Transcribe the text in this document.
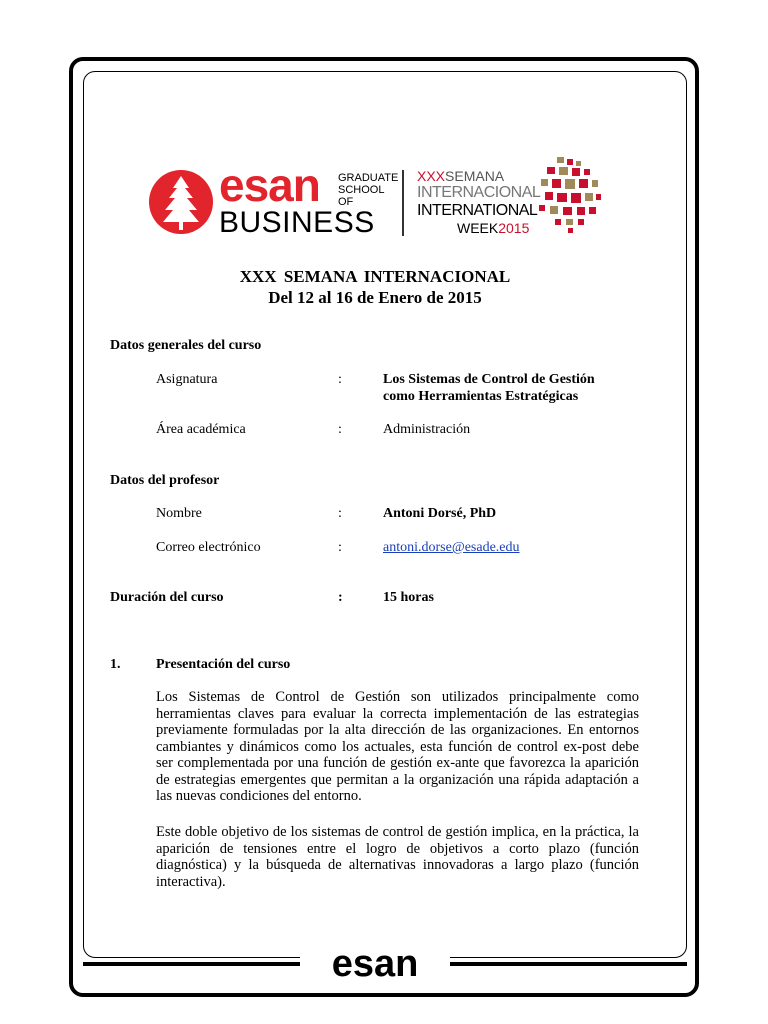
esan GRADUATE
SCHOOL OF
BUSINESS
XXXSEMANA
INTERNACIONAL
INTERNATIONAL
WEEK2015
XXX SEMANA INTERNACIONAL
Del 12 al 16 de Enero de 2015
Datos generales del curso
Asignatura	:	Los Sistemas de Control de Gestión
como Herramientas Estratégicas
Área académica	:	Administración
Datos del profesor
Nombre	:	Antoni Dorsé, PhD
Correo electrónico	:	antoni.dorse@esade.edu
Duración del curso	:	15 horas
1.	Presentación del curso

Los Sistemas de Control de Gestión son utilizados principalmente como herramientas claves para evaluar la correcta implementación de las estrategias previamente formuladas por la alta dirección de las organizaciones. En entornos cambiantes y dinámicos como los actuales, esta función de control ex-post debe ser complementada por una función de gestión ex-ante que favorezca la aparición de estrategias emergentes que permitan a la organización una rápida adaptación a las nuevas condiciones del entorno.

Este doble objetivo de los sistemas de control de gestión implica, en la práctica, la aparición de tensiones entre el logro de objetivos a corto plazo (función diagnóstica) y la búsqueda de alternativas innovadoras a largo plazo (función interactiva).

esan
